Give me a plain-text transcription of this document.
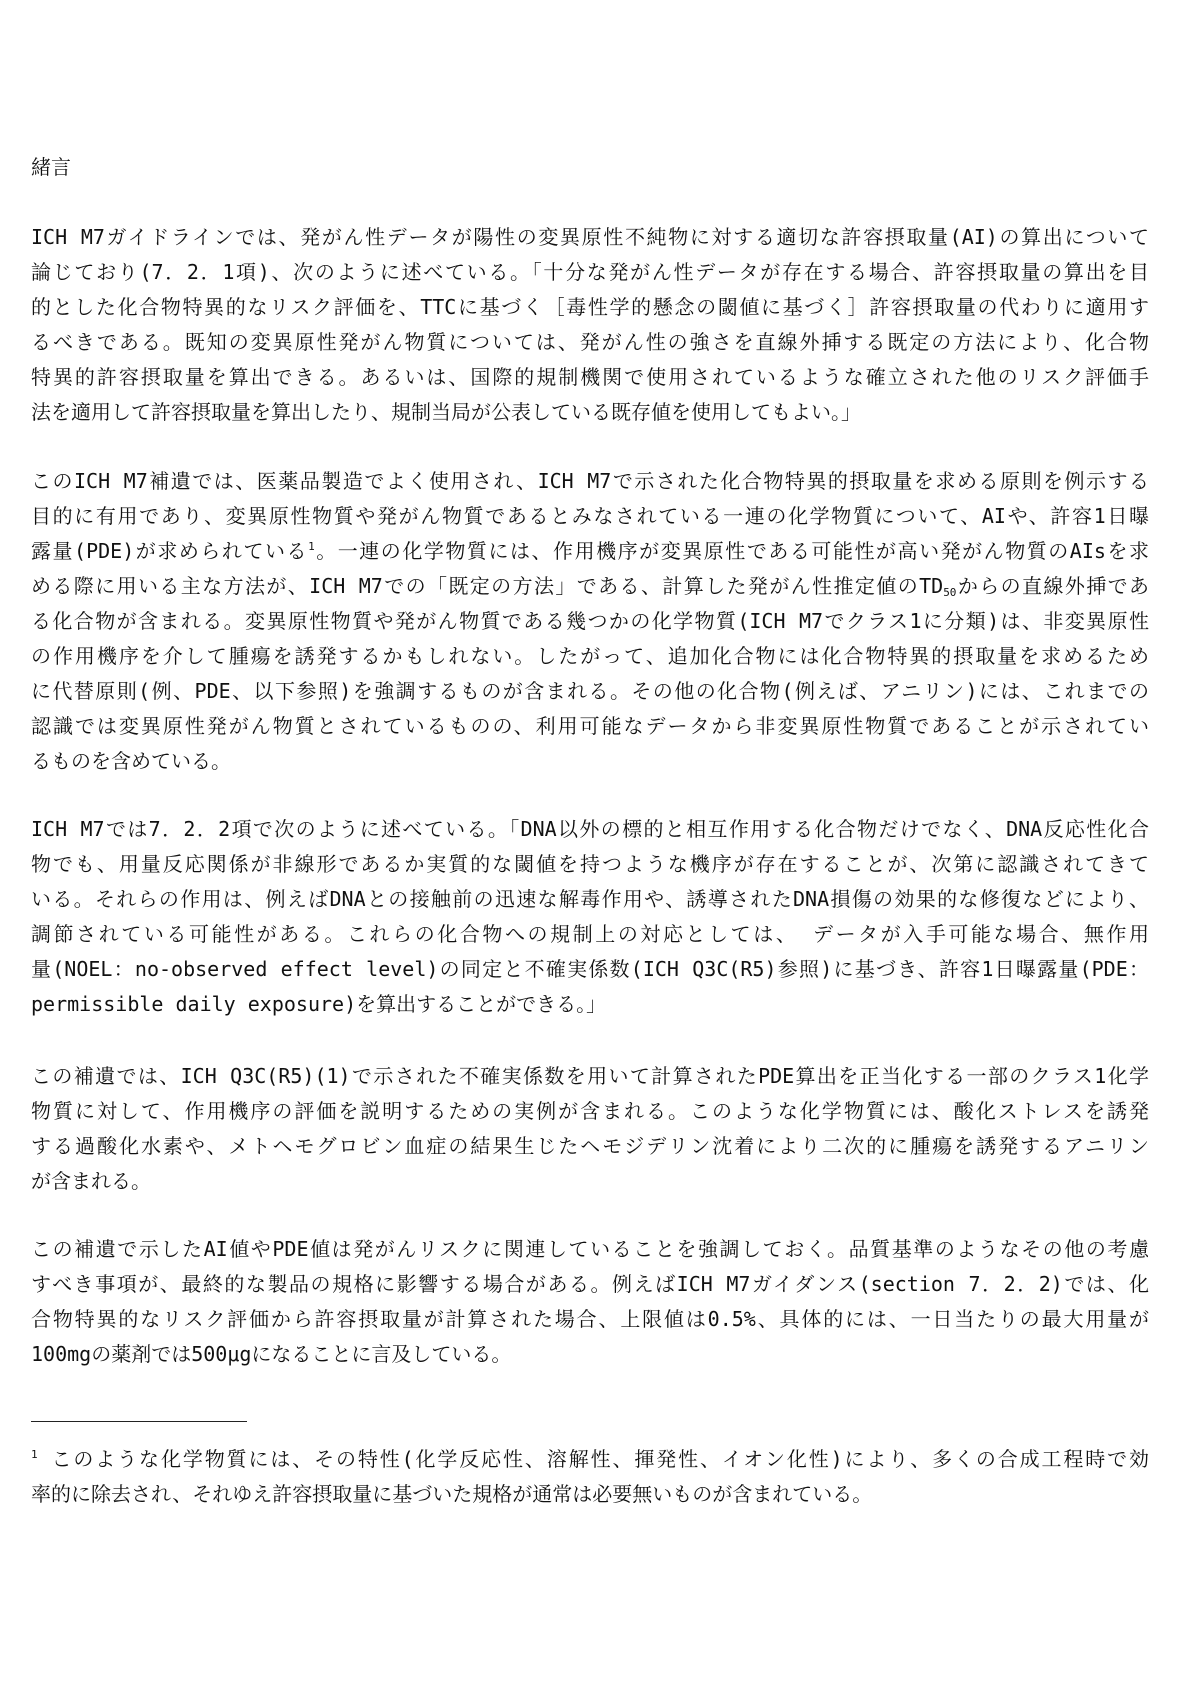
緒言
ICH M7ガイドラインでは、発がん性データが陽性の変異原性不純物に対する適切な許容摂取量(AI)の算出について
論じており(7．2．1項)、次のように述べている。「十分な発がん性データが存在する場合、許容摂取量の算出を目
的とした化合物特異的なリスク評価を、TTCに基づく［毒性学的懸念の閾値に基づく］許容摂取量の代わりに適用す
るべきである。既知の変異原性発がん物質については、発がん性の強さを直線外挿する既定の方法により、化合物
特異的許容摂取量を算出できる。あるいは、国際的規制機関で使用されているような確立された他のリスク評価手
法を適用して許容摂取量を算出したり、規制当局が公表している既存値を使用してもよい。」
このICH M7補遺では、医薬品製造でよく使用され、ICH M7で示された化合物特異的摂取量を求める原則を例示する
目的に有用であり、変異原性物質や発がん物質であるとみなされている一連の化学物質について、AIや、許容1日曝
露量(PDE)が求められている$^1$。一連の化学物質には、作用機序が変異原性である可能性が高い発がん物質のAIsを求
める際に用いる主な方法が、ICH M7での「既定の方法」である、計算した発がん性推定値の$TD_{50}$からの直線外挿であ
る化合物が含まれる。変異原性物質や発がん物質である幾つかの化学物質(ICH M7でクラス1に分類)は、非変異原性
の作用機序を介して腫瘍を誘発するかもしれない。したがって、追加化合物には化合物特異的摂取量を求めるため
に代替原則(例、PDE、以下参照)を強調するものが含まれる。その他の化合物(例えば、アニリン)には、これまでの
認識では変異原性発がん物質とされているものの、利用可能なデータから非変異原性物質であることが示されてい
るものを含めている。
ICH M7では7．2．2項で次のように述べている。「DNA以外の標的と相互作用する化合物だけでなく、DNA反応性化合
物でも、用量反応関係が非線形であるか実質的な閾値を持つような機序が存在することが、次第に認識されてきて
いる。それらの作用は、例えばDNAとの接触前の迅速な解毒作用や、誘導されたDNA損傷の効果的な修復などにより、
調節されている可能性がある。これらの化合物への規制上の対応としては、 データが入手可能な場合、無作用
量(NOEL：no-observed effect level)の同定と不確実係数(ICH Q3C(R5)参照)に基づき、許容1日曝露量(PDE：
permissible daily exposure)を算出することができる。」
この補遺では、ICH Q3C(R5)(1)で示された不確実係数を用いて計算されたPDE算出を正当化する一部のクラス1化学
物質に対して、作用機序の評価を説明するための実例が含まれる。このような化学物質には、酸化ストレスを誘発
する過酸化水素や、メトヘモグロビン血症の結果生じたヘモジデリン沈着により二次的に腫瘍を誘発するアニリン
が含まれる。
この補遺で示したAI値やPDE値は発がんリスクに関連していることを強調しておく。品質基準のようなその他の考慮
すべき事項が、最終的な製品の規格に影響する場合がある。例えばICH M7ガイダンス(section 7．2．2)では、化
合物特異的なリスク評価から許容摂取量が計算された場合、上限値は0.5%、具体的には、一日当たりの最大用量が
100mgの薬剤では500μgになることに言及している。
$^1$ このような化学物質には、その特性(化学反応性、溶解性、揮発性、イオン化性)により、多くの合成工程時で効
率的に除去され、それゆえ許容摂取量に基づいた規格が通常は必要無いものが含まれている。
